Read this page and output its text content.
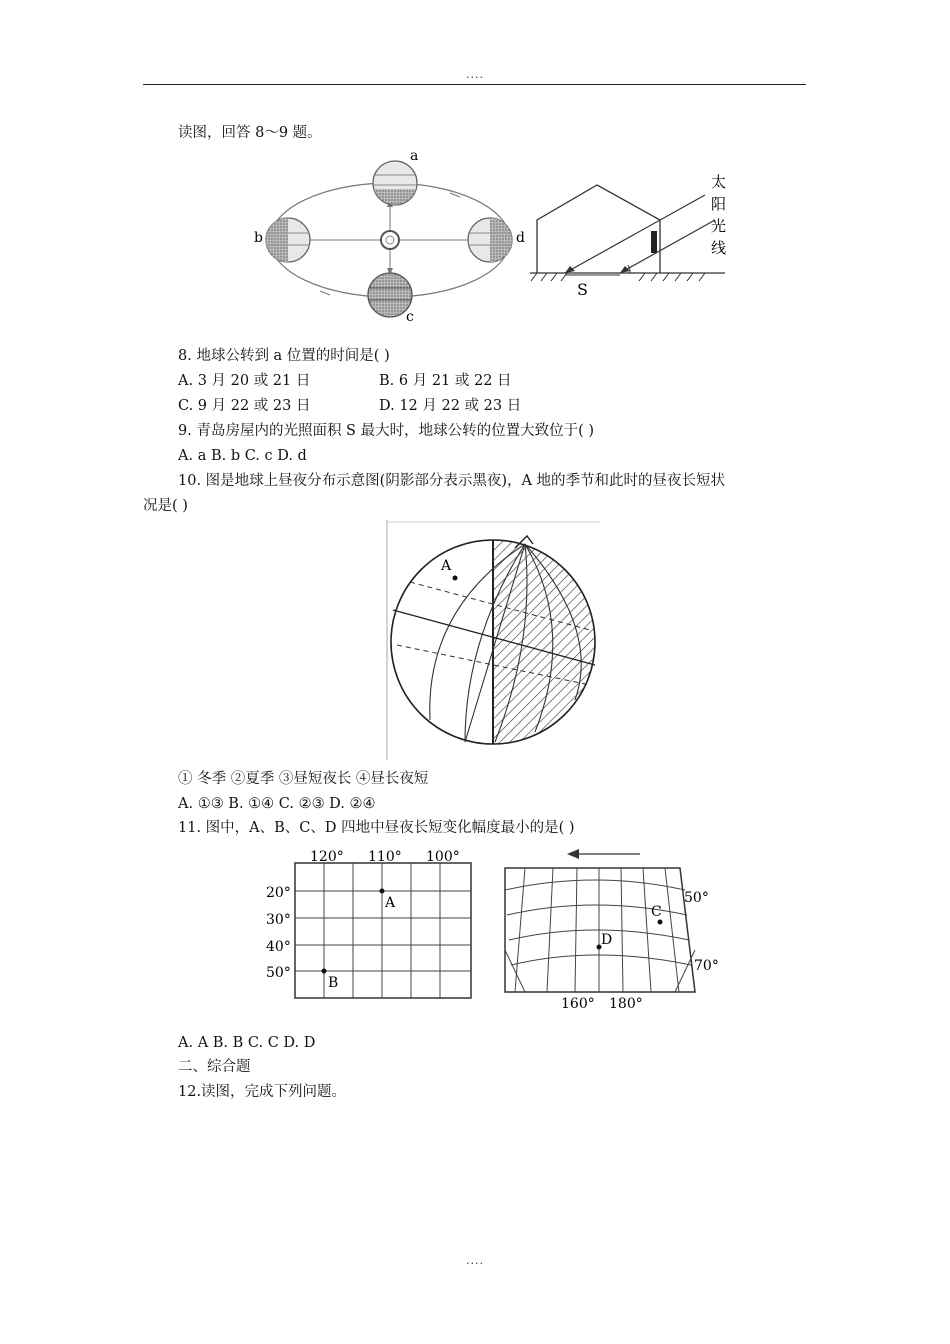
....
....
读图，回答 8～9 题。
a
b	d
c
S
太
阳
光
线
8. 地球公转到 a 位置的时间是( )
A. 3 月 20 或 21 日	B. 6 月 21 或 22 日
C. 9 月 22 或 23 日	D. 12 月 22 或 23 日
9. 青岛房屋内的光照面积 S 最大时，地球公转的位置大致位于( )
A. a B. b C. c D. d
10. 图是地球上昼夜分布示意图(阴影部分表示黑夜)，A 地的季节和此时的昼夜长短状
况是( )
A
① 冬季 ②夏季 ③昼短夜长 ④昼长夜短
A. ①③ B. ①④ C. ②③ D. ②④
11. 图中，A、B、C、D 四地中昼夜长短变化幅度最小的是( )
120° 110° 100°
20°
30°
40°
50°
A
B
50°
70°
160° 180°
D
C
A. A B. B C. C D. D
二、综合题
12.读图，完成下列问题。
